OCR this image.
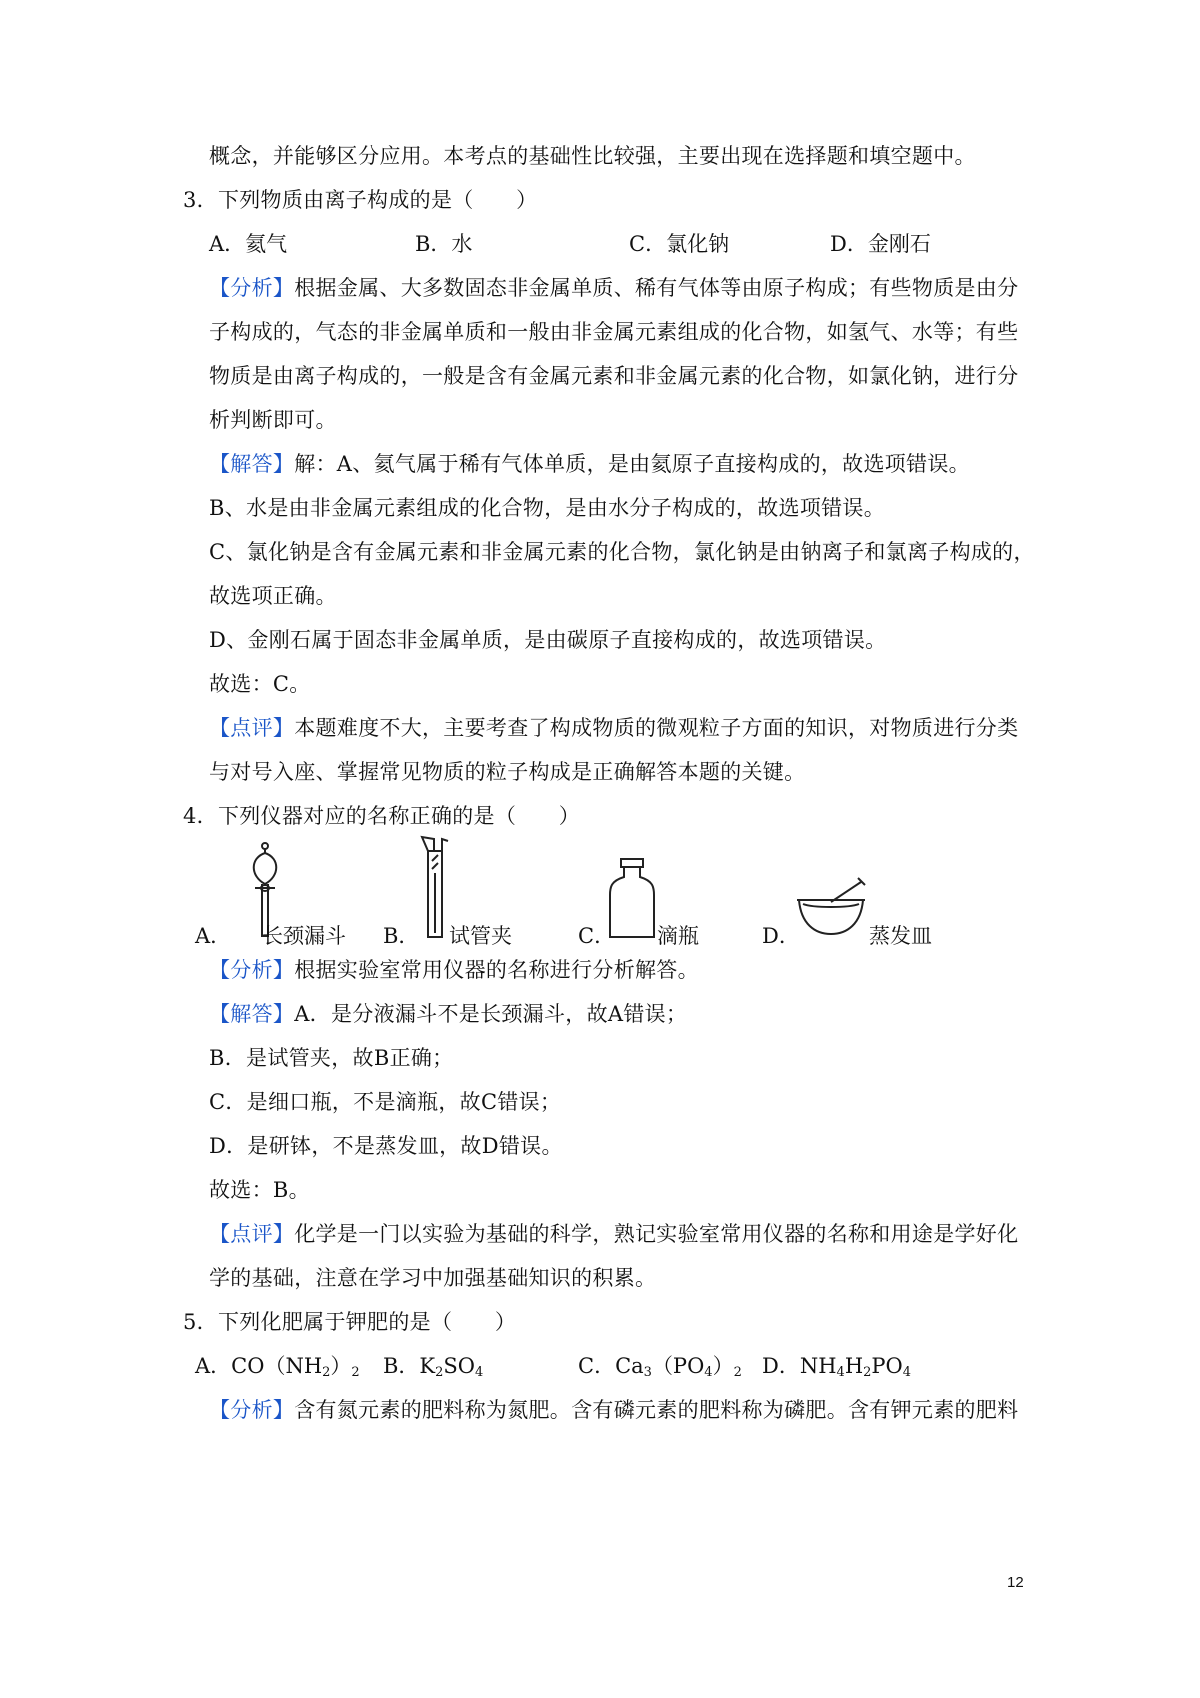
概念，并能够区分应用。本考点的基础性比较强，主要出现在选择题和填空题中。
3．下列物质由离子构成的是（　　）
A．氦气	B．水	C．氯化钠	D．金刚石
【分析】根据金属、大多数固态非金属单质、稀有气体等由原子构成；有些物质是由分
子构成的，气态的非金属单质和一般由非金属元素组成的化合物，如氢气、水等；有些
物质是由离子构成的，一般是含有金属元素和非金属元素的化合物，如氯化钠，进行分
析判断即可。
【解答】解：A、氦气属于稀有气体单质，是由氦原子直接构成的，故选项错误。
B、水是由非金属元素组成的化合物，是由水分子构成的，故选项错误。
C、氯化钠是含有金属元素和非金属元素的化合物，氯化钠是由钠离子和氯离子构成的，
故选项正确。
D、金刚石属于固态非金属单质，是由碳原子直接构成的，故选项错误。
故选：C。
【点评】本题难度不大，主要考查了构成物质的微观粒子方面的知识，对物质进行分类
与对号入座、掌握常见物质的粒子构成是正确解答本题的关键。
4．下列仪器对应的名称正确的是（　　）
A． 长颈漏斗 B． 试管夹	C． 滴瓶	D．	蒸发皿
【分析】根据实验室常用仪器的名称进行分析解答。
【解答】A．是分液漏斗不是长颈漏斗，故A错误；
B．是试管夹，故B正确；
C．是细口瓶，不是滴瓶，故C错误；
D．是研钵，不是蒸发皿，故D错误。
故选：B。
【点评】化学是一门以实验为基础的科学，熟记实验室常用仪器的名称和用途是学好化
学的基础，注意在学习中加强基础知识的积累。
5．下列化肥属于钾肥的是（　　）
A．$CO(NH_2)_2$ B．$K_2SO_4$	C．$Ca_3(PO_4)_2$ D．$NH_4H_2PO_4$
【分析】含有氮元素的肥料称为氮肥。含有磷元素的肥料称为磷肥。含有钾元素的肥料
12
